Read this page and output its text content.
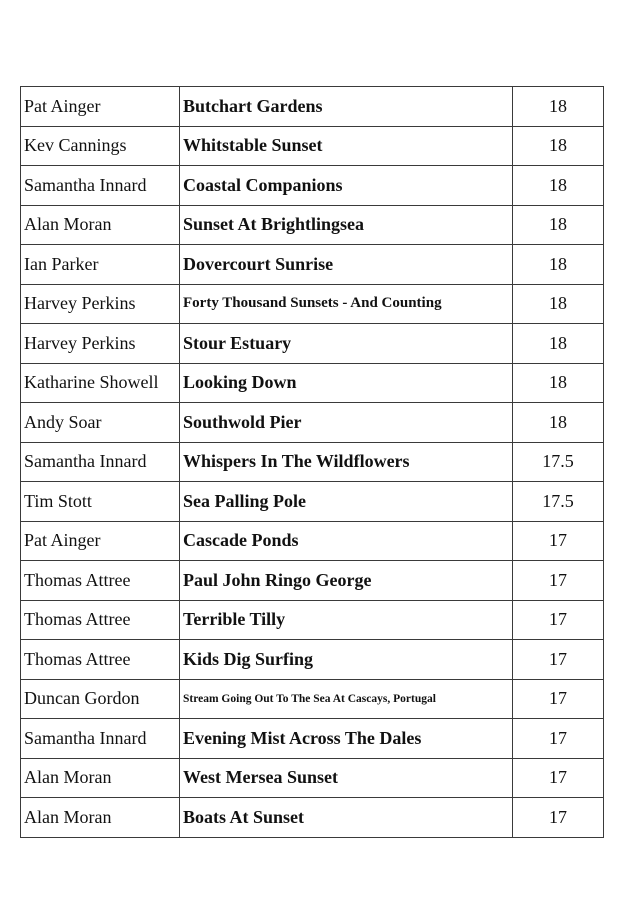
Pat Ainger	Butchart Gardens	18
Kev Cannings	Whitstable Sunset	18
Samantha Innard	Coastal Companions	18
Alan Moran	Sunset At Brightlingsea	18
Ian Parker	Dovercourt Sunrise	18
Harvey Perkins	Forty Thousand Sunsets - And Counting	18
Harvey Perkins	Stour Estuary	18
Katharine Showell	Looking Down	18
Andy Soar	Southwold Pier	18
Samantha Innard	Whispers In The Wildflowers	17.5
Tim Stott	Sea Palling Pole	17.5
Pat Ainger	Cascade Ponds	17
Thomas Attree	Paul John Ringo George	17
Thomas Attree	Terrible Tilly	17
Thomas Attree	Kids Dig Surfing	17
Duncan Gordon	Stream Going Out To The Sea At Cascays, Portugal	17
Samantha Innard	Evening Mist Across The Dales	17
Alan Moran	West Mersea Sunset	17
Alan Moran	Boats At Sunset	17
